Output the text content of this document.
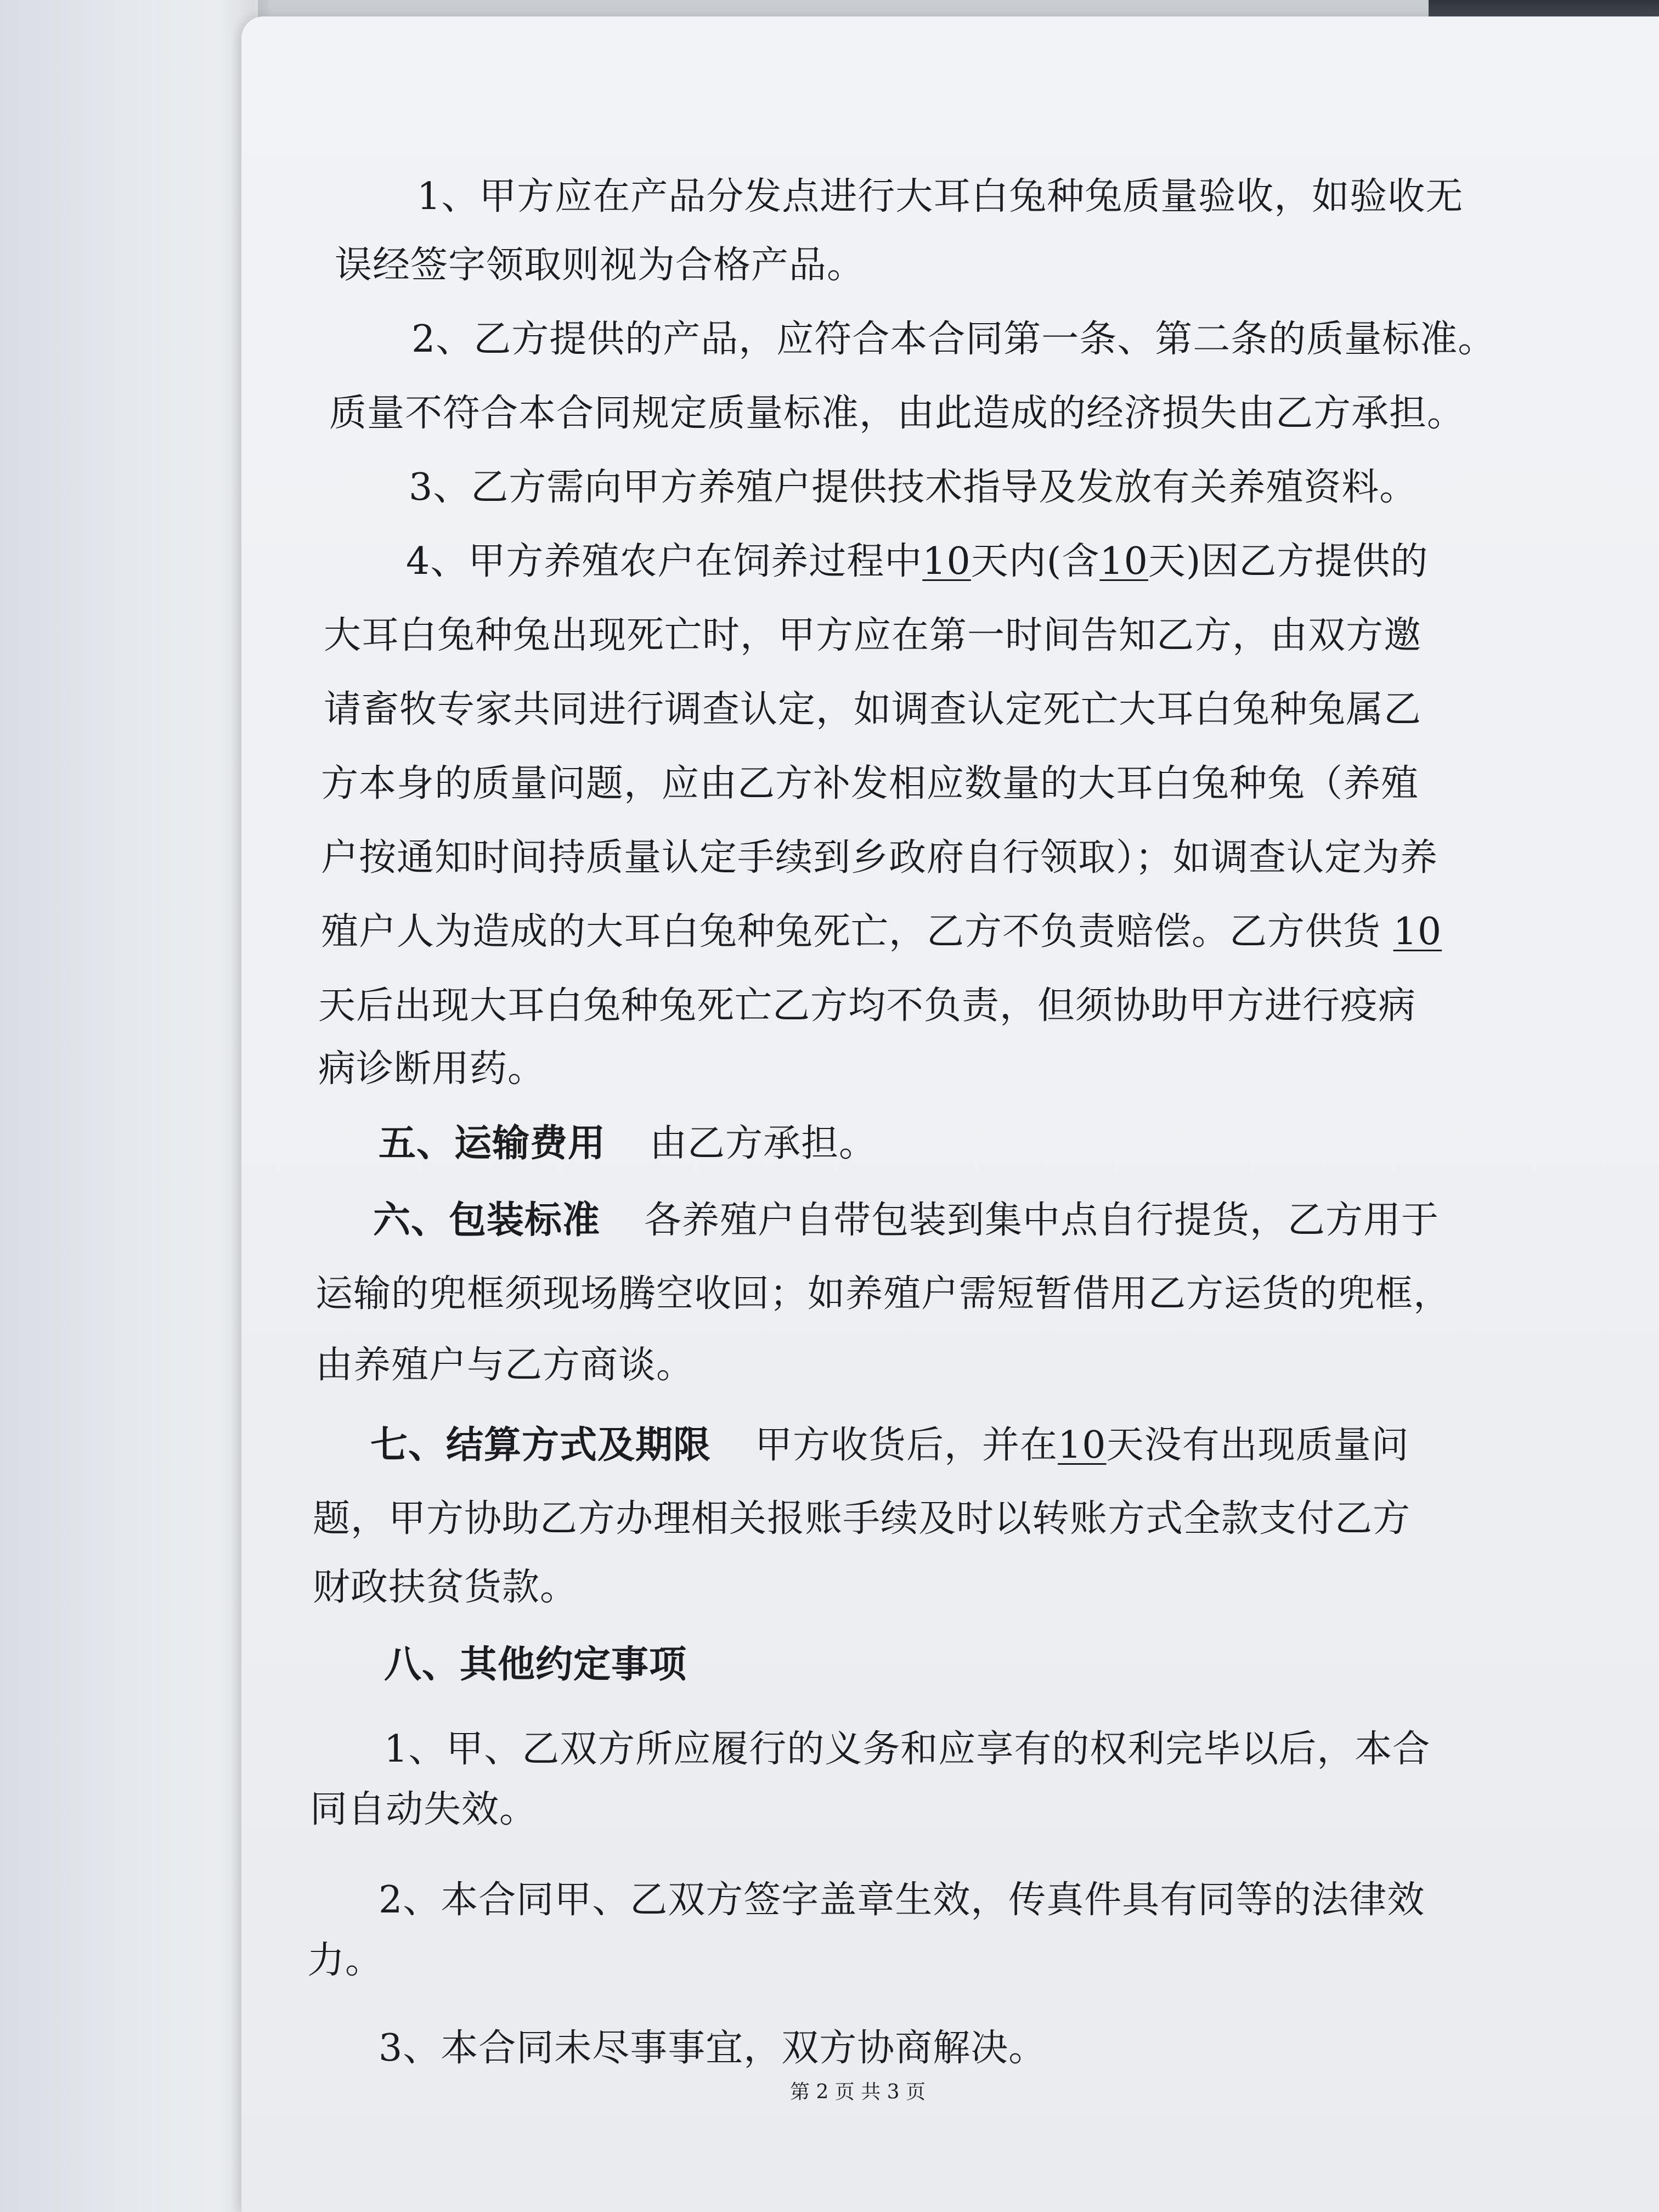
1、甲方应在产品分发点进行大耳白兔种兔质量验收，如验收无
误经签字领取则视为合格产品。
2、乙方提供的产品，应符合本合同第一条、第二条的质量标准。
质量不符合本合同规定质量标准，由此造成的经济损失由乙方承担。
3、乙方需向甲方养殖户提供技术指导及发放有关养殖资料。
4、甲方养殖农户在饲养过程中10天内(含10天)因乙方提供的
大耳白兔种兔出现死亡时，甲方应在第一时间告知乙方，由双方邀
请畜牧专家共同进行调查认定，如调查认定死亡大耳白兔种兔属乙
方本身的质量问题，应由乙方补发相应数量的大耳白兔种兔（养殖
户按通知时间持质量认定手续到乡政府自行领取）；如调查认定为养
殖户人为造成的大耳白兔种兔死亡，乙方不负责赔偿。乙方供货 10
天后出现大耳白兔种兔死亡乙方均不负责，但须协助甲方进行疫病
病诊断用药。
五、运输费用 由乙方承担。
六、包装标准 各养殖户自带包装到集中点自行提货，乙方用于
运输的兜框须现场腾空收回；如养殖户需短暂借用乙方运货的兜框，
由养殖户与乙方商谈。
七、结算方式及期限 甲方收货后，并在10天没有出现质量问
题，甲方协助乙方办理相关报账手续及时以转账方式全款支付乙方
财政扶贫货款。
八、其他约定事项
1、甲、乙双方所应履行的义务和应享有的权利完毕以后，本合
同自动失效。
2、本合同甲、乙双方签字盖章生效，传真件具有同等的法律效
力。
3、本合同未尽事事宜，双方协商解决。
第 2 页 共 3 页
